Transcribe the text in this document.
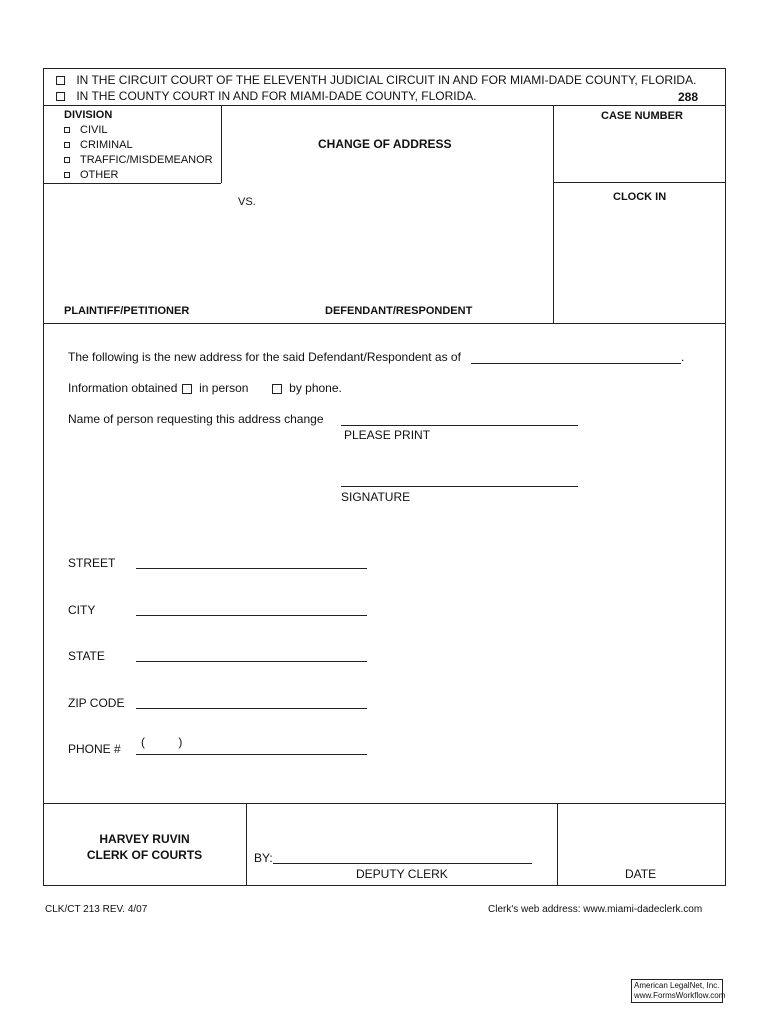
IN THE CIRCUIT COURT OF THE ELEVENTH JUDICIAL CIRCUIT IN AND FOR MIAMI-DADE COUNTY, FLORIDA.
IN THE COUNTY COURT IN AND FOR MIAMI-DADE COUNTY, FLORIDA.	288
DIVISION
CIVIL
CRIMINAL
TRAFFIC/MISDEMEANOR
OTHER
CHANGE OF ADDRESS
CASE NUMBER
CLOCK IN
VS.
PLAINTIFF/PETITIONER	DEFENDANT/RESPONDENT
The following is the new address for the said Defendant/Respondent as of	.
Information obtained in person	by phone.
Name of person requesting this address change
PLEASE PRINT
SIGNATURE
STREET
CITY
STATE
ZIP CODE
PHONE # (          )
HARVEY RUVIN
CLERK OF COURTS	BY:
DEPUTY CLERK	DATE
CLK/CT 213 REV. 4/07	Clerk's web address: www.miami-dadeclerk.com
American LegalNet, Inc.
www.FormsWorkflow.com
